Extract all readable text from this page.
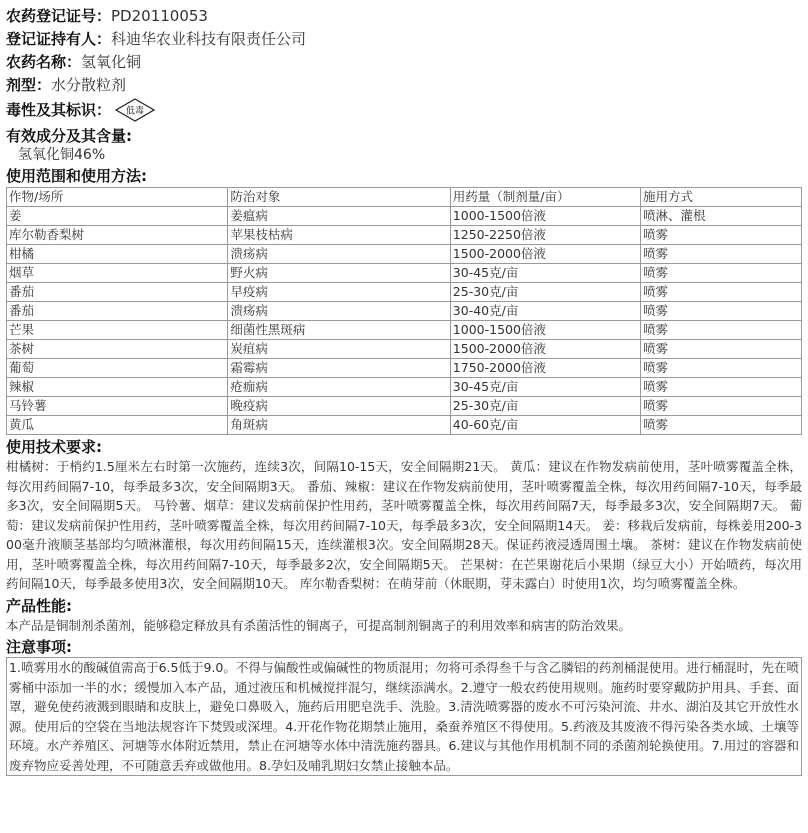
农药登记证号： PD20110053
登记证持有人： 科迪华农业科技有限责任公司
农药名称： 氢氧化铜
剂型： 水分散粒剂
毒性及其标识： 低毒
有效成分及其含量:
氢氧化铜46%
使用范围和使用方法:
作物/场所	防治对象	用药量（制剂量/亩）	施用方式
姜	姜瘟病	1000-1500倍液	喷淋、灌根
库尔勒香梨树	苹果枝枯病	1250-2250倍液	喷雾
柑橘	溃疡病	1500-2000倍液	喷雾
烟草	野火病	30-45克/亩	喷雾
番茄	早疫病	25-30克/亩	喷雾
番茄	溃疡病	30-40克/亩	喷雾
芒果	细菌性黑斑病	1000-1500倍液	喷雾
茶树	炭疽病	1500-2000倍液	喷雾
葡萄	霜霉病	1750-2000倍液	喷雾
辣椒	疮痂病	30-45克/亩	喷雾
马铃薯	晚疫病	25-30克/亩	喷雾
黄瓜	角斑病	40-60克/亩	喷雾
使用技术要求:
柑橘树：于梢约1.5厘米左右时第一次施药，连续3次，间隔10-15天，安全间隔期21天。 黄瓜：建议在作物发病前使用，茎叶喷雾覆盖全株，每次用药间隔7-10，每季最多3次，安全间隔期3天。 番茄、辣椒：建议在作物发病前使用，茎叶喷雾覆盖全株，每次用药间隔7-10天，每季最多3次，安全间隔期5天。 马铃薯、烟草：建议发病前保护性用药，茎叶喷雾覆盖全株，每次用药间隔7天，每季最多3次，安全间隔期7天。 葡萄：建议发病前保护性用药，茎叶喷雾覆盖全株，每次用药间隔7-10天，每季最多3次，安全间隔期14天。 姜：移栽后发病前，每株姜用200-300毫升液顺茎基部均匀喷淋灌根，每次用药间隔15天，连续灌根3次。安全间隔期28天。保证药液浸透周围土壤。 茶树：建议在作物发病前使用，茎叶喷雾覆盖全株，每次用药间隔7-10天，每季最多2次，安全间隔期5天。 芒果树：在芒果谢花后小果期（绿豆大小）开始喷药，每次用药间隔10天，每季最多使用3次，安全间隔期10天。 库尔勒香梨树：在萌芽前（休眠期，芽未露白）时使用1次，均匀喷雾覆盖全株。
产品性能:
本产品是铜制剂杀菌剂，能够稳定释放具有杀菌活性的铜离子，可提高制剂铜离子的利用效率和病害的防治效果。
注意事项:
1.喷雾用水的酸碱值需高于6.5低于9.0。不得与偏酸性或偏碱性的物质混用；勿将可杀得叁千与含乙膦铝的药剂桶混使用。进行桶混时，先在喷雾桶中添加一半的水；缓慢加入本产品，通过液压和机械搅拌混匀，继续添满水。2.遵守一般农药使用规则。施药时要穿戴防护用具、手套、面罩，避免使药液溅到眼睛和皮肤上，避免口鼻吸入，施药后用肥皂洗手、洗脸。3.清洗喷雾器的废水不可污染河流、井水、湖泊及其它开放性水源。使用后的空袋在当地法规容许下焚毁或深埋。4.开花作物花期禁止施用，桑蚕养殖区不得使用。5.药液及其废液不得污染各类水域、土壤等环境。水产养殖区、河塘等水体附近禁用，禁止在河塘等水体中清洗施药器具。6.建议与其他作用机制不同的杀菌剂轮换使用。7.用过的容器和废弃物应妥善处理，不可随意丢弃或做他用。8.孕妇及哺乳期妇女禁止接触本品。
